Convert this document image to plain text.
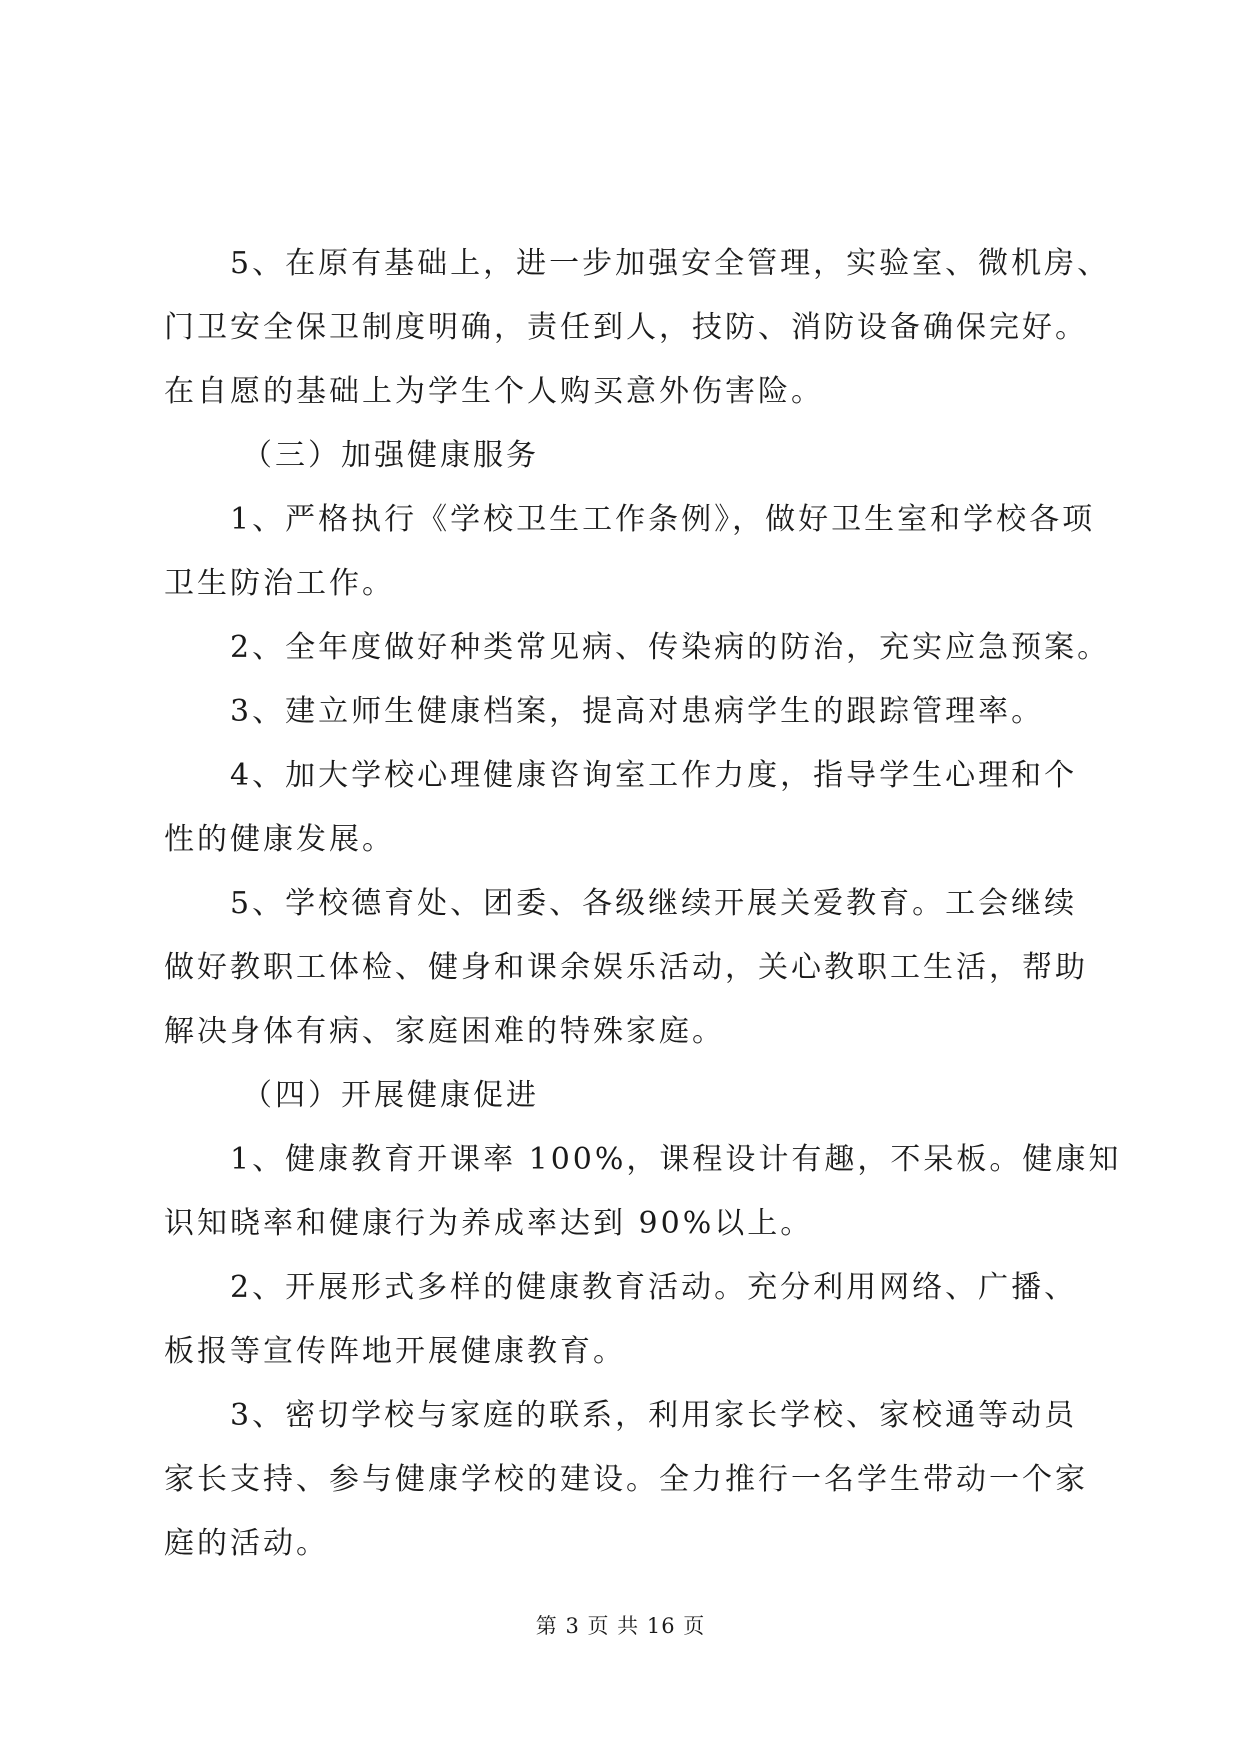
5、在原有基础上，进一步加强安全管理，实验室、微机房、
门卫安全保卫制度明确，责任到人，技防、消防设备确保完好。
在自愿的基础上为学生个人购买意外伤害险。
（三）加强健康服务
1、严格执行《学校卫生工作条例》，做好卫生室和学校各项
卫生防治工作。
2、全年度做好种类常见病、传染病的防治，充实应急预案。
3、建立师生健康档案，提高对患病学生的跟踪管理率。
4、加大学校心理健康咨询室工作力度，指导学生心理和个
性的健康发展。
5、学校德育处、团委、各级继续开展关爱教育。工会继续
做好教职工体检、健身和课余娱乐活动，关心教职工生活，帮助
解决身体有病、家庭困难的特殊家庭。
（四）开展健康促进
1、健康教育开课率 100%，课程设计有趣，不呆板。健康知
识知晓率和健康行为养成率达到 90%以上。
2、开展形式多样的健康教育活动。充分利用网络、广播、
板报等宣传阵地开展健康教育。
3、密切学校与家庭的联系，利用家长学校、家校通等动员
家长支持、参与健康学校的建设。全力推行一名学生带动一个家
庭的活动。
第 3 页 共 16 页
